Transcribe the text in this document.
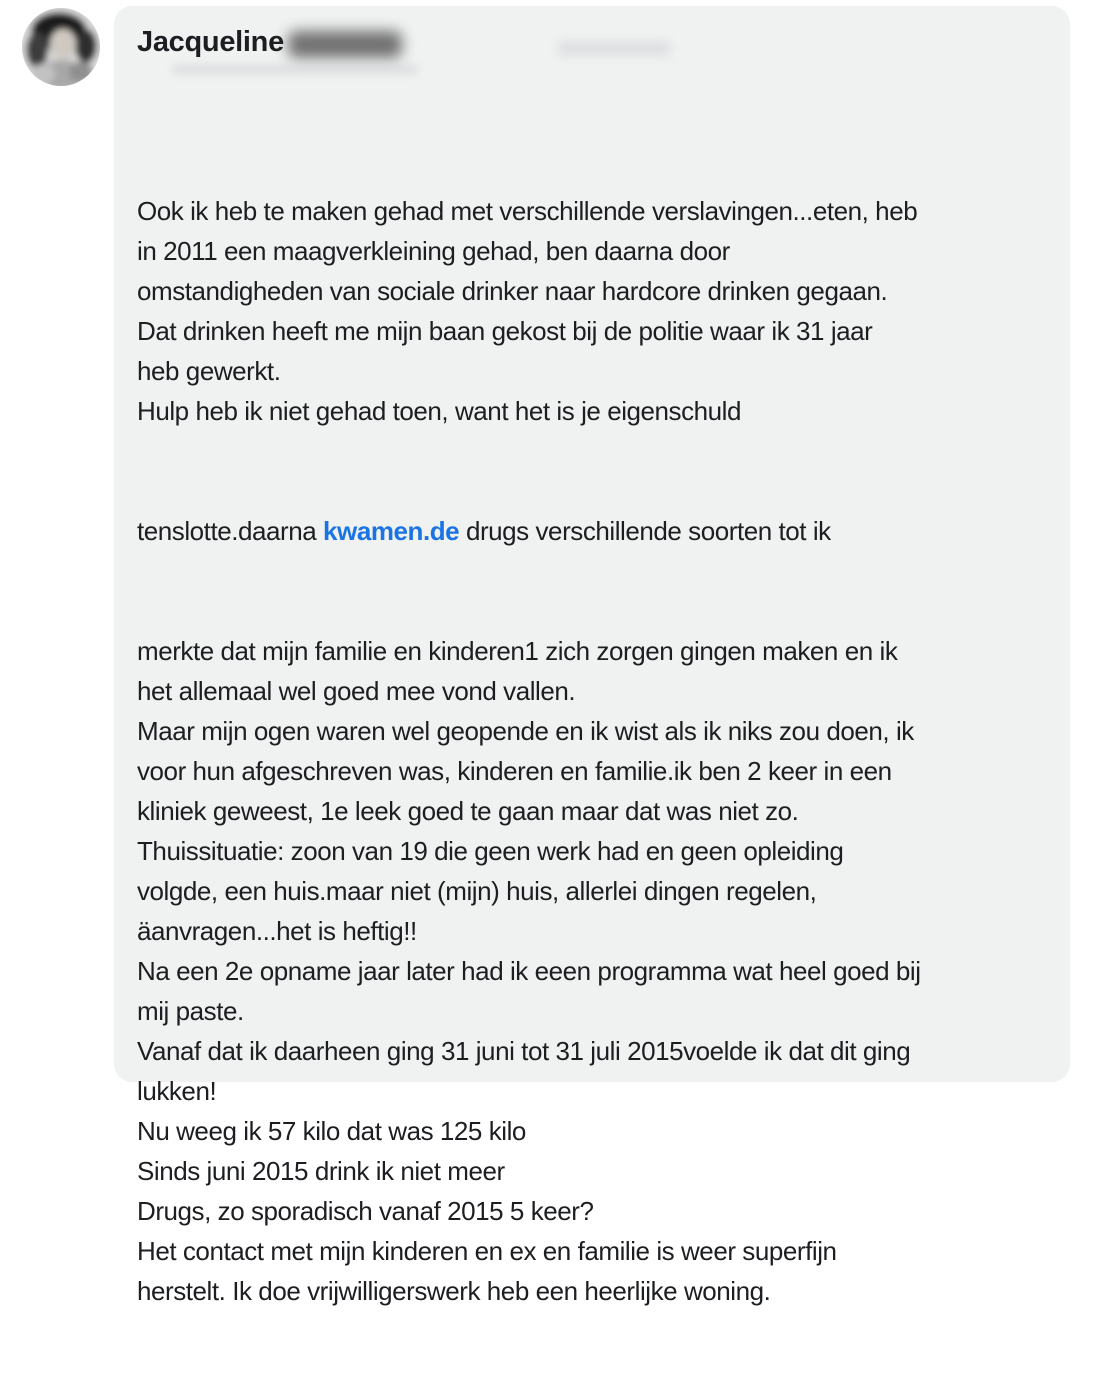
Jacqueline

Ook ik heb te maken gehad met verschillende verslavingen...eten, heb
in 2011 een maagverkleining gehad, ben daarna door
omstandigheden van sociale drinker naar hardcore drinken gegaan.
Dat drinken heeft me mijn baan gekost bij de politie waar ik 31 jaar
heb gewerkt.
Hulp heb ik niet gehad toen, want het is je eigenschuld

tenslotte.daarna kwamen.de drugs verschillende soorten tot ik

merkte dat mijn familie en kinderen1 zich zorgen gingen maken en ik
het allemaal wel goed mee vond vallen.
Maar mijn ogen waren wel geopende en ik wist als ik niks zou doen, ik
voor hun afgeschreven was, kinderen en familie.ik ben 2 keer in een
kliniek geweest, 1e leek goed te gaan maar dat was niet zo.
Thuissituatie: zoon van 19 die geen werk had en geen opleiding
volgde, een huis.maar niet (mijn) huis, allerlei dingen regelen,
äanvragen...het is heftig!!
Na een 2e opname jaar later had ik eeen programma wat heel goed bij
mij paste.
Vanaf dat ik daarheen ging 31 juni tot 31 juli 2015voelde ik dat dit ging
lukken!
Nu weeg ik 57 kilo dat was 125 kilo
Sinds juni 2015 drink ik niet meer
Drugs, zo sporadisch vanaf 2015 5 keer?
Het contact met mijn kinderen en ex en familie is weer superfijn
herstelt. Ik doe vrijwilligerswerk heb een heerlijke woning.
